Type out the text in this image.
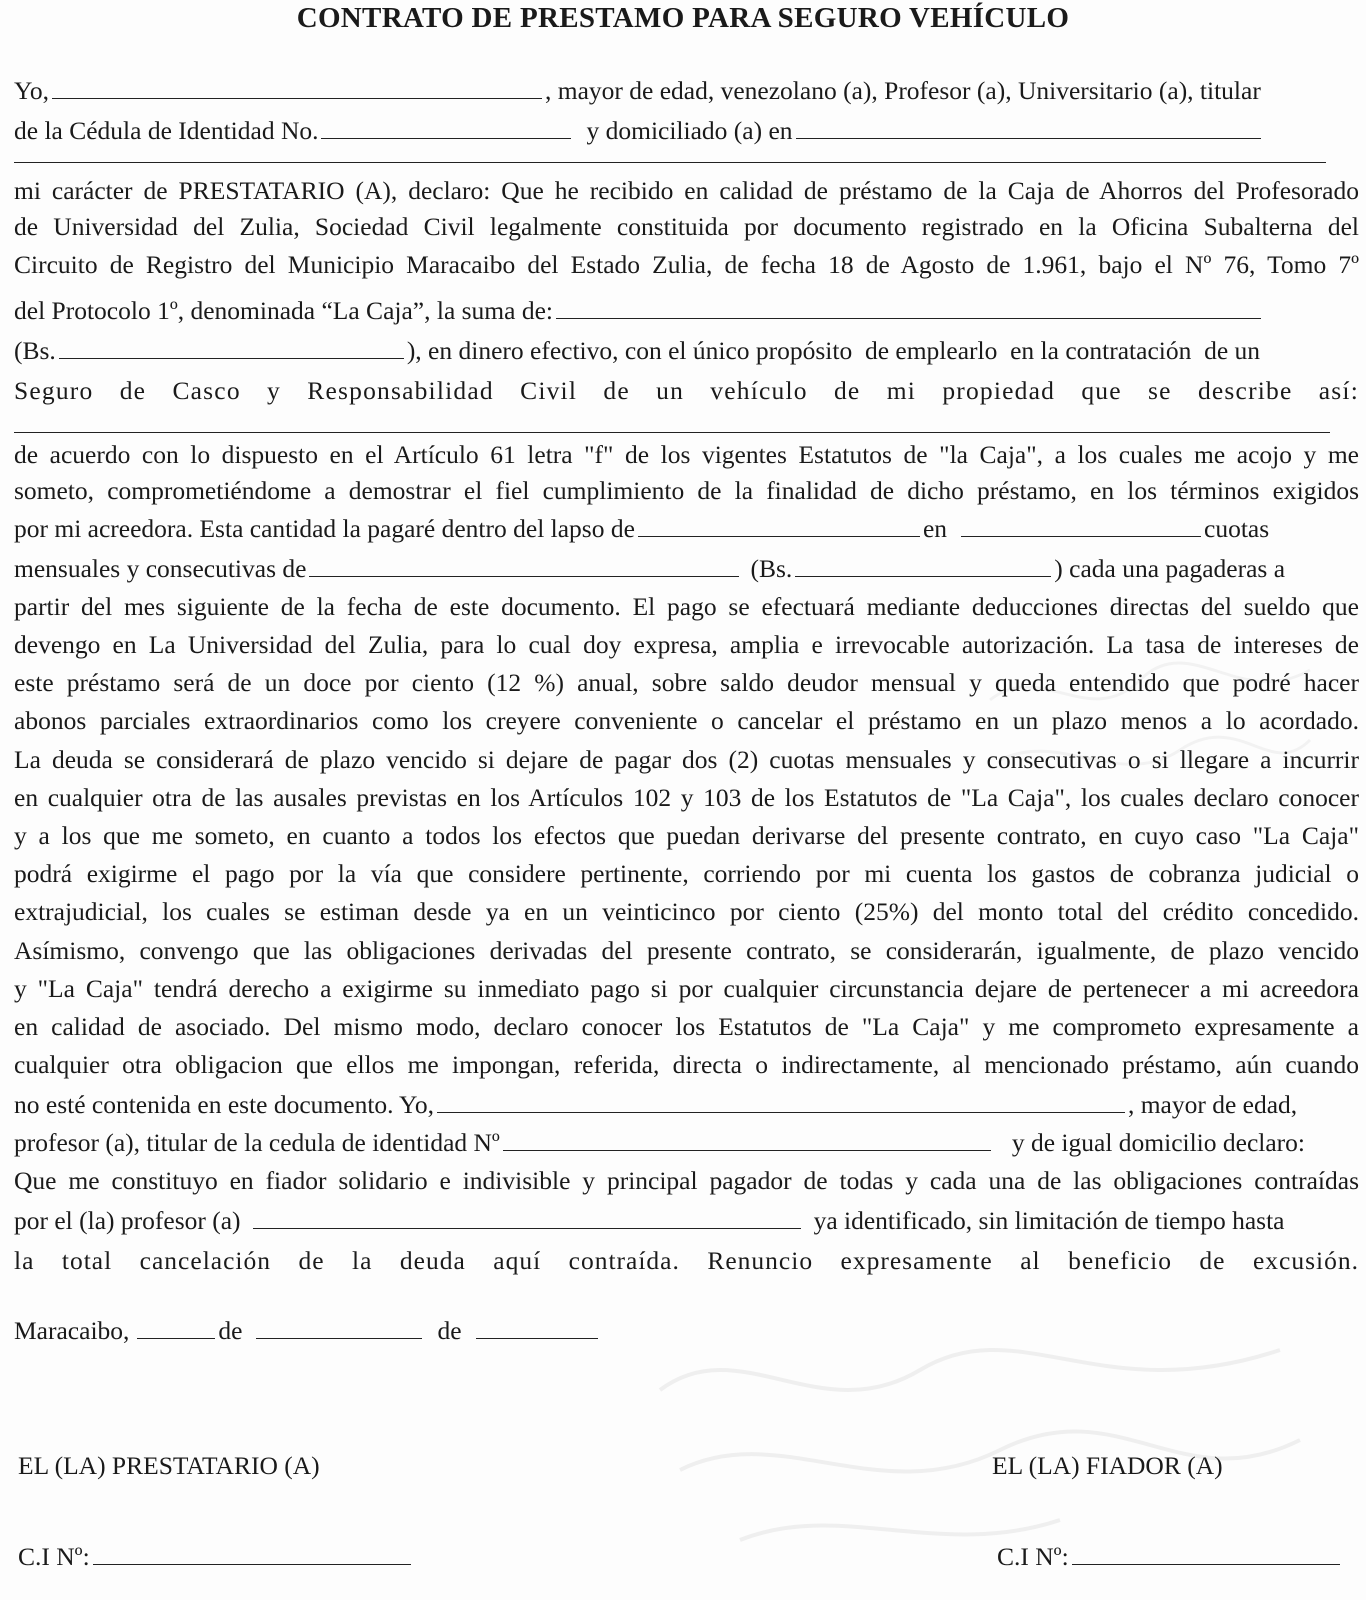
CONTRATO DE PRESTAMO PARA SEGURO VEHÍCULO
Yo,	, mayor de edad, venezolano (a), Profesor (a), Universitario (a), titular
de la Cédula de Identidad No.	y domiciliado (a) en
mi carácter de PRESTATARIO (A), declaro: Que he recibido en calidad de préstamo de la Caja de Ahorros del Profesorado
de Universidad del Zulia, Sociedad Civil legalmente constituida por documento registrado en la Oficina Subalterna del
Circuito de Registro del Municipio Maracaibo del Estado Zulia, de fecha 18 de Agosto de 1.961, bajo el Nº 76, Tomo 7º
del Protocolo 1º, denominada “La Caja”, la suma de:
(Bs.	), en dinero efectivo, con el único propósito  de emplearlo  en la contratación  de un
Seguro de Casco y Responsabilidad Civil de un vehículo de mi propiedad que se describe así:
de acuerdo con lo dispuesto en el Artículo 61 letra "f" de los vigentes Estatutos de "la Caja", a los cuales me acojo y me
someto, comprometiéndome a demostrar el fiel cumplimiento de la finalidad de dicho préstamo, en los términos exigidos
por mi acreedora. Esta cantidad la pagaré dentro del lapso de	en	cuotas
mensuales y consecutivas de	(Bs.	) cada una pagaderas a
partir del mes siguiente de la fecha de este documento. El pago se efectuará mediante deducciones directas del sueldo que
devengo en La Universidad del Zulia, para lo cual doy expresa, amplia e irrevocable autorización. La tasa de intereses de
este préstamo será de un doce por ciento (12 %) anual, sobre saldo deudor mensual y queda entendido que podré hacer
abonos parciales extraordinarios como los creyere conveniente o cancelar el préstamo en un plazo menos a lo acordado.
La deuda se considerará de plazo vencido si dejare de pagar dos (2) cuotas mensuales y consecutivas o si llegare a incurrir
en cualquier otra de las ausales previstas en los Artículos 102 y 103 de los Estatutos de "La Caja", los cuales declaro conocer
y a los que me someto, en cuanto a todos los efectos que puedan derivarse del presente contrato, en cuyo caso "La Caja"
podrá exigirme el pago por la vía que considere pertinente, corriendo por mi cuenta los gastos de cobranza judicial o
extrajudicial, los cuales se estiman desde ya en un veinticinco por ciento (25%) del monto total del crédito concedido.
Asímismo, convengo que las obligaciones derivadas del presente contrato, se considerarán, igualmente, de plazo vencido
y "La Caja" tendrá derecho a exigirme su inmediato pago si por cualquier circunstancia dejare de pertenecer a mi acreedora
en calidad de asociado. Del mismo modo, declaro conocer los Estatutos de "La Caja" y me comprometo expresamente a
cualquier otra obligacion que ellos me impongan, referida, directa o indirectamente, al mencionado préstamo, aún cuando
no esté contenida en este documento. Yo,	, mayor de edad,
profesor (a), titular de la cedula de identidad Nº	y de igual domicilio declaro:
Que me constituyo en fiador solidario e indivisible y principal pagador de todas y cada una de las obligaciones contraídas
por el (la) profesor (a)	ya identificado, sin limitación de tiempo hasta
la total cancelación de la deuda aquí contraída. Renuncio expresamente al beneficio de excusión.
Maracaibo,	de	de
EL (LA) PRESTATARIO (A)	EL (LA) FIADOR (A)
C.I Nº:	C.I Nº:
